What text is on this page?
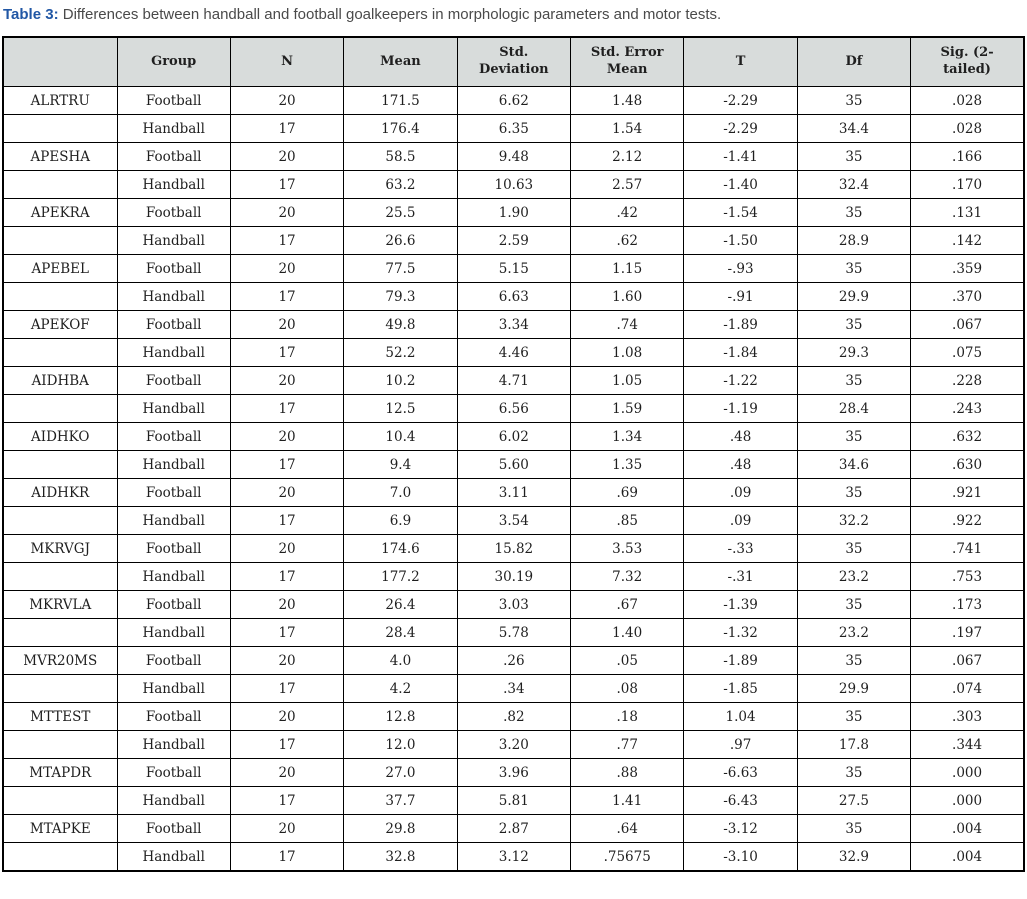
Table 3: Differences between handball and football goalkeepers in morphologic parameters and motor tests.

	Group	N	Mean	Std. Deviation	Std. Error Mean	T	Df	Sig. (2-tailed)
ALRTRU	Football	20	171.5	6.62	1.48	-2.29	35	.028
	Handball	17	176.4	6.35	1.54	-2.29	34.4	.028
APESHA	Football	20	58.5	9.48	2.12	-1.41	35	.166
	Handball	17	63.2	10.63	2.57	-1.40	32.4	.170
APEKRA	Football	20	25.5	1.90	.42	-1.54	35	.131
	Handball	17	26.6	2.59	.62	-1.50	28.9	.142
APEBEL	Football	20	77.5	5.15	1.15	-.93	35	.359
	Handball	17	79.3	6.63	1.60	-.91	29.9	.370
APEKOF	Football	20	49.8	3.34	.74	-1.89	35	.067
	Handball	17	52.2	4.46	1.08	-1.84	29.3	.075
AIDHBA	Football	20	10.2	4.71	1.05	-1.22	35	.228
	Handball	17	12.5	6.56	1.59	-1.19	28.4	.243
AIDHKO	Football	20	10.4	6.02	1.34	.48	35	.632
	Handball	17	9.4	5.60	1.35	.48	34.6	.630
AIDHKR	Football	20	7.0	3.11	.69	.09	35	.921
	Handball	17	6.9	3.54	.85	.09	32.2	.922
MKRVGJ	Football	20	174.6	15.82	3.53	-.33	35	.741
	Handball	17	177.2	30.19	7.32	-.31	23.2	.753
MKRVLA	Football	20	26.4	3.03	.67	-1.39	35	.173
	Handball	17	28.4	5.78	1.40	-1.32	23.2	.197
MVR20MS	Football	20	4.0	.26	.05	-1.89	35	.067
	Handball	17	4.2	.34	.08	-1.85	29.9	.074
MTTEST	Football	20	12.8	.82	.18	1.04	35	.303
	Handball	17	12.0	3.20	.77	.97	17.8	.344
MTAPDR	Football	20	27.0	3.96	.88	-6.63	35	.000
	Handball	17	37.7	5.81	1.41	-6.43	27.5	.000
MTAPKE	Football	20	29.8	2.87	.64	-3.12	35	.004
	Handball	17	32.8	3.12	.75675	-3.10	32.9	.004
